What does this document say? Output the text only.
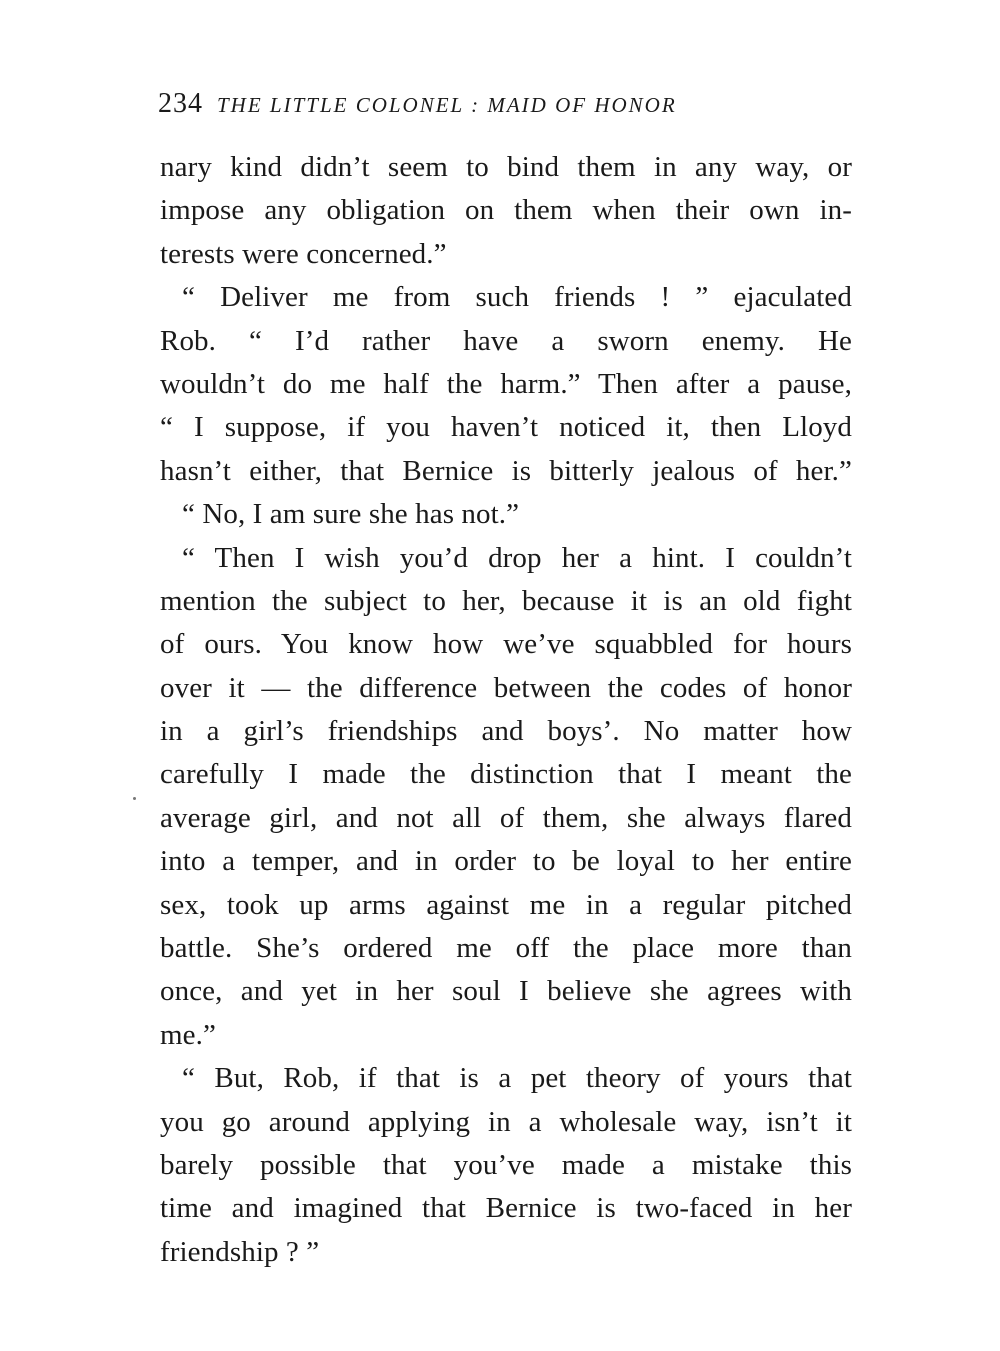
234 THE LITTLE COLONEL : MAID OF HONOR
nary kind didn’t seem to bind them in any way, or
impose any obligation on them when their own in-
terests were concerned.”
“ Deliver me from such friends ! ” ejaculated
Rob. “ I’d rather have a sworn enemy. He
wouldn’t do me half the harm.” Then after a pause,
“ I suppose, if you haven’t noticed it, then Lloyd
hasn’t either, that Bernice is bitterly jealous of her.”
“ No, I am sure she has not.”
“ Then I wish you’d drop her a hint. I couldn’t
mention the subject to her, because it is an old fight
of ours. You know how we’ve squabbled for hours
over it — the difference between the codes of honor
in a girl’s friendships and boys’. No matter how
carefully I made the distinction that I meant the
average girl, and not all of them, she always flared
into a temper, and in order to be loyal to her entire
sex, took up arms against me in a regular pitched
battle. She’s ordered me off the place more than
once, and yet in her soul I believe she agrees with
me.”
“ But, Rob, if that is a pet theory of yours that
you go around applying in a wholesale way, isn’t it
barely possible that you’ve made a mistake this
time and imagined that Bernice is two-faced in her
friendship ? ”
